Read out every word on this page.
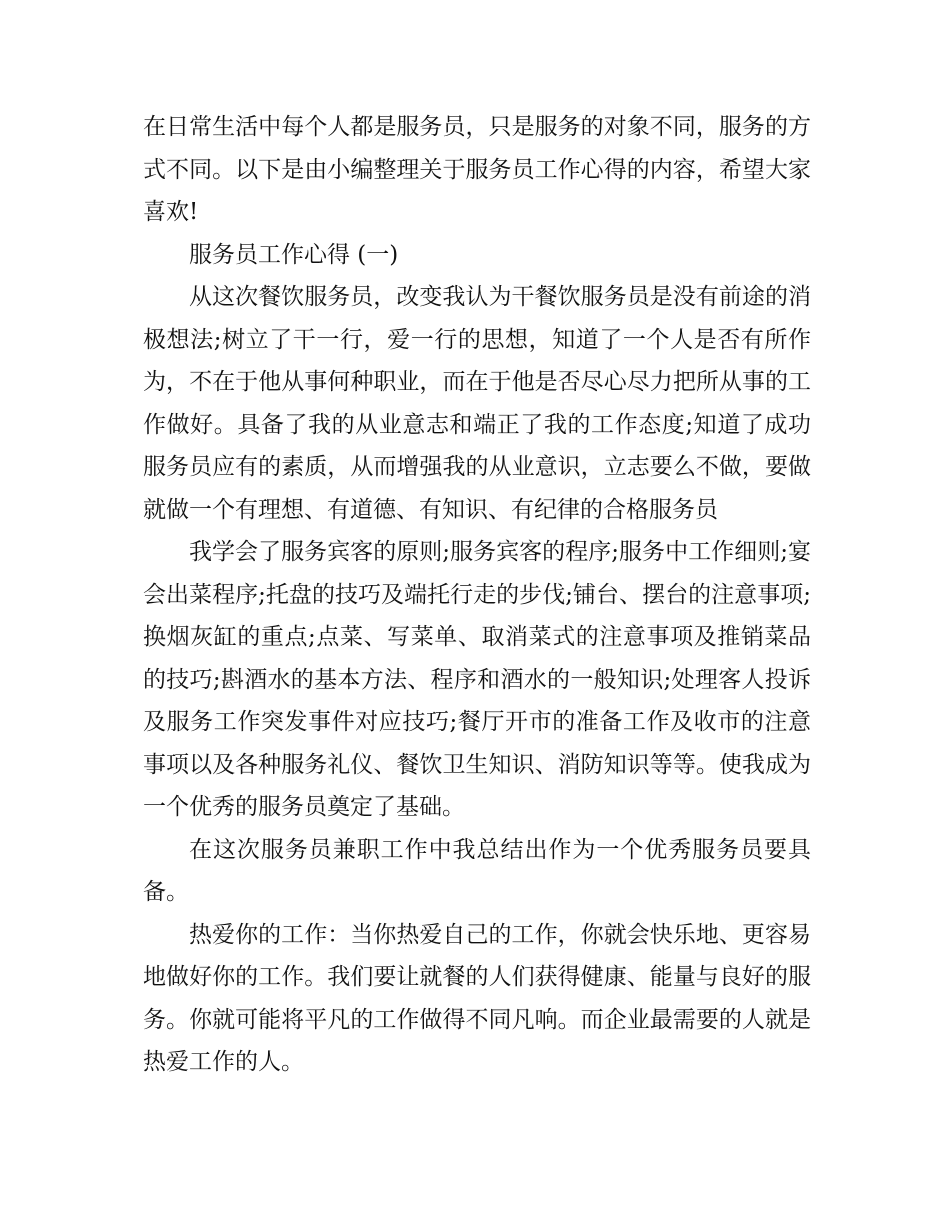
在日常生活中每个人都是服务员，只是服务的对象不同，服务的方式不同。以下是由小编整理关于服务员工作心得的内容，希望大家喜欢!

服务员工作心得 (一)

从这次餐饮服务员，改变我认为干餐饮服务员是没有前途的消极想法;树立了干一行，爱一行的思想，知道了一个人是否有所作为，不在于他从事何种职业，而在于他是否尽心尽力把所从事的工作做好。具备了我的从业意志和端正了我的工作态度;知道了成功服务员应有的素质，从而增强我的从业意识，立志要么不做，要做就做一个有理想、有道德、有知识、有纪律的合格服务员

我学会了服务宾客的原则;服务宾客的程序;服务中工作细则;宴会出菜程序;托盘的技巧及端托行走的步伐;铺台、摆台的注意事项;换烟灰缸的重点;点菜、写菜单、取消菜式的注意事项及推销菜品的技巧;斟酒水的基本方法、程序和酒水的一般知识;处理客人投诉及服务工作突发事件对应技巧;餐厅开市的准备工作及收市的注意事项以及各种服务礼仪、餐饮卫生知识、消防知识等等。使我成为一个优秀的服务员奠定了基础。

在这次服务员兼职工作中我总结出作为一个优秀服务员要具备。

热爱你的工作：当你热爱自己的工作，你就会快乐地、更容易地做好你的工作。我们要让就餐的人们获得健康、能量与良好的服务。你就可能将平凡的工作做得不同凡响。而企业最需要的人就是热爱工作的人。
